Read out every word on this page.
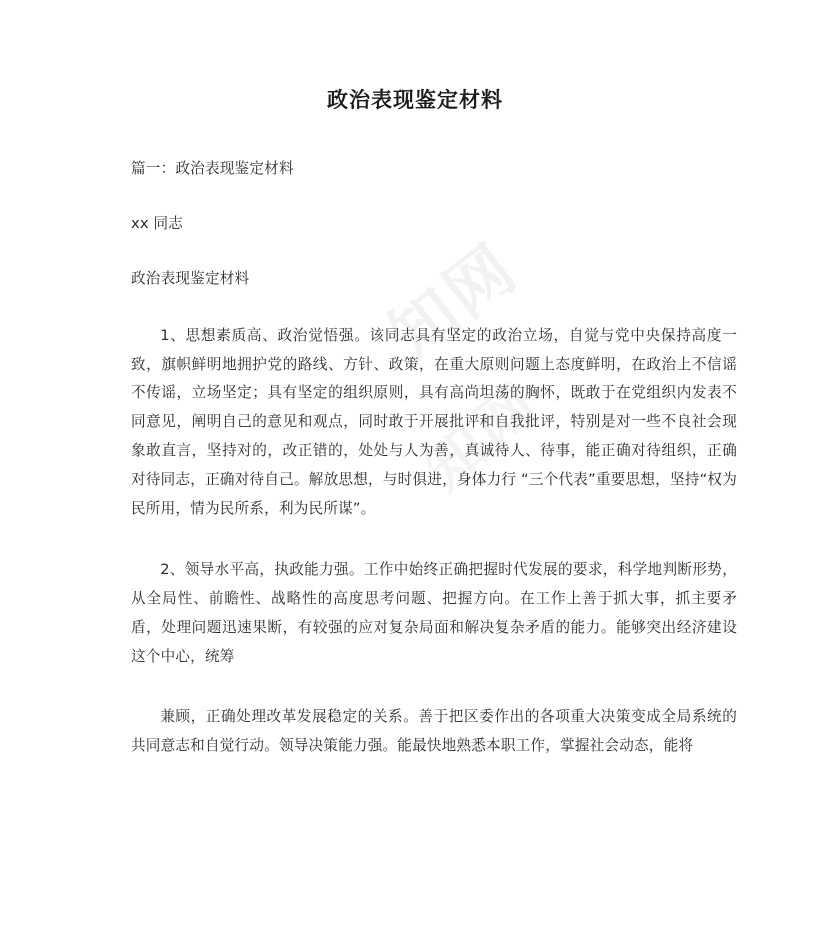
知网
知网
政治表现鉴定材料

篇一：政治表现鉴定材料

xx 同志

政治表现鉴定材料

1、思想素质高、政治觉悟强。该同志具有坚定的政治立场，自觉与党中央保持高度一致，旗帜鲜明地拥护党的路线、方针、政策，在重大原则问题上态度鲜明，在政治上不信谣不传谣，立场坚定；具有坚定的组织原则，具有高尚坦荡的胸怀，既敢于在党组织内发表不同意见，阐明自己的意见和观点，同时敢于开展批评和自我批评，特别是对一些不良社会现象敢直言，坚持对的，改正错的，处处与人为善，真诚待人、待事，能正确对待组织，正确对待同志，正确对待自己。解放思想，与时俱进，身体力行 “三个代表”重要思想，坚持“权为民所用，情为民所系，利为民所谋”。

2、领导水平高，执政能力强。工作中始终正确把握时代发展的要求，科学地判断形势，从全局性、前瞻性、战略性的高度思考问题、把握方向。在工作上善于抓大事，抓主要矛盾，处理问题迅速果断，有较强的应对复杂局面和解决复杂矛盾的能力。能够突出经济建设这个中心，统筹

兼顾，正确处理改革发展稳定的关系。善于把区委作出的各项重大决策变成全局系统的共同意志和自觉行动。领导决策能力强。能最快地熟悉本职工作，掌握社会动态，能将
